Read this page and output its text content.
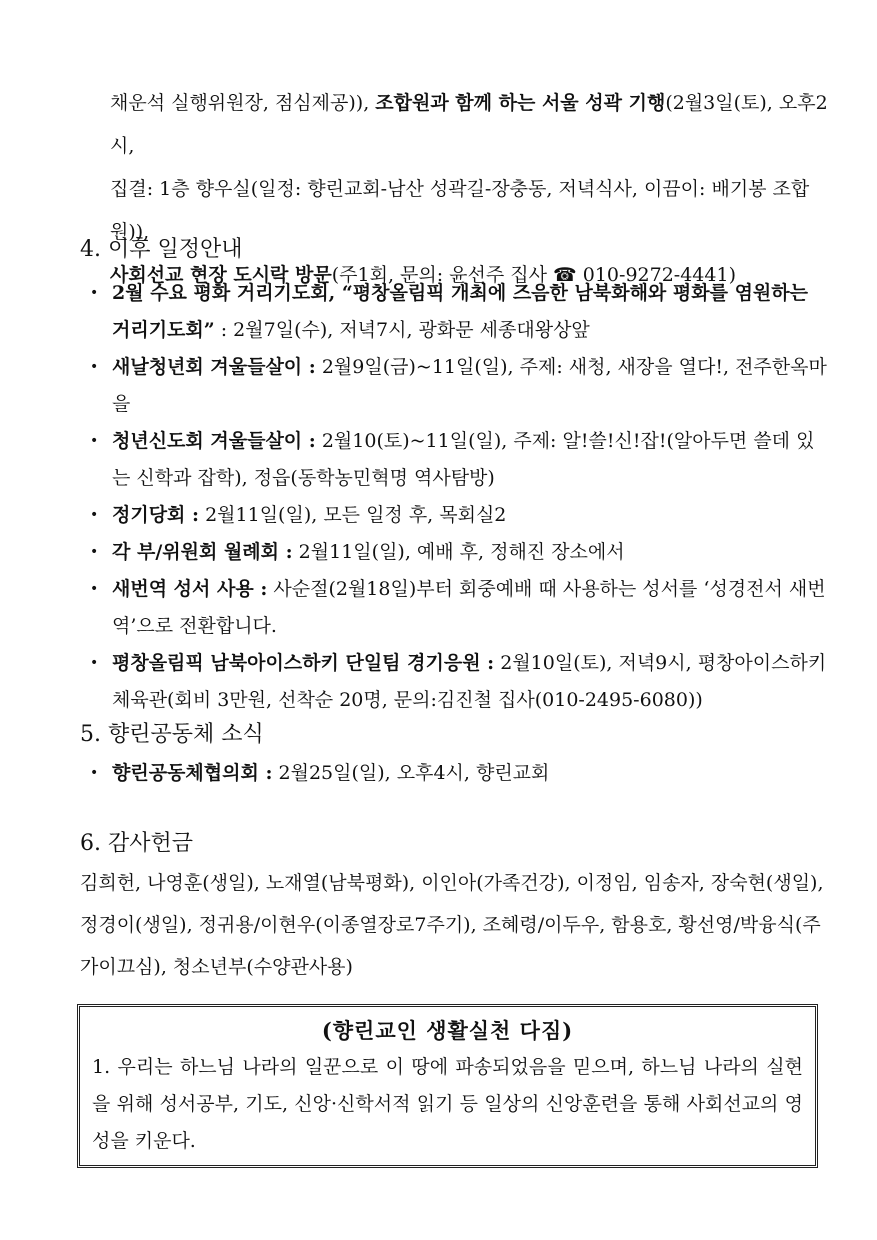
채운석 실행위원장, 점심제공)), 조합원과 함께 하는 서울 성곽 기행(2월3일(토), 오후2시,

집결: 1층 향우실(일정: 향린교회-남산 성곽길-장충동, 저녁식사, 이끔이: 배기봉 조합원)),

사회선교 현장 도시락 방문(주1회, 문의: 윤선주 집사 ☎ 010-9272-4441)

4. 이후 일정안내
• 2월 수요 평화 거리기도회, “평창올림픽 개최에 즈음한 남북화해와 평화를 염원하는 거리기도회” : 2월7일(수), 저녁7시, 광화문 세종대왕상앞
• 새날청년회 겨울들살이 : 2월9일(금)~11일(일), 주제: 새청, 새장을 열다!, 전주한옥마을
• 청년신도회 겨울들살이 : 2월10(토)~11일(일), 주제: 알!쓸!신!잡!(알아두면 쓸데 있는 신학과 잡학), 정읍(동학농민혁명 역사탐방)
• 정기당회 : 2월11일(일), 모든 일정 후, 목회실2
• 각 부/위원회 월례회 : 2월11일(일), 예배 후, 정해진 장소에서
• 새번역 성서 사용 : 사순절(2월18일)부터 회중예배 때 사용하는 성서를 ‘성경전서 새번역’으로 전환합니다.
• 평창올림픽 남북아이스하키 단일팀 경기응원 : 2월10일(토), 저녁9시, 평창아이스하키 체육관(회비 3만원, 선착순 20명, 문의:김진철 집사(010-2495-6080))
5. 향린공동체 소식
• 향린공동체협의회 : 2월25일(일), 오후4시, 향린교회
6. 감사헌금
김희헌, 나영훈(생일), 노재열(남북평화), 이인아(가족건강), 이정임, 임송자, 장숙현(생일), 정경이(생일), 정귀용/이현우(이종열장로7주기), 조혜령/이두우, 함용호, 황선영/박융식(주가이끄심), 청소년부(수양관사용)
(향린교인 생활실천 다짐)
1. 우리는 하느님 나라의 일꾼으로 이 땅에 파송되었음을 믿으며, 하느님 나라의 실현을 위해 성서공부, 기도, 신앙·신학서적 읽기 등 일상의 신앙훈련을 통해 사회선교의 영성을 키운다.
